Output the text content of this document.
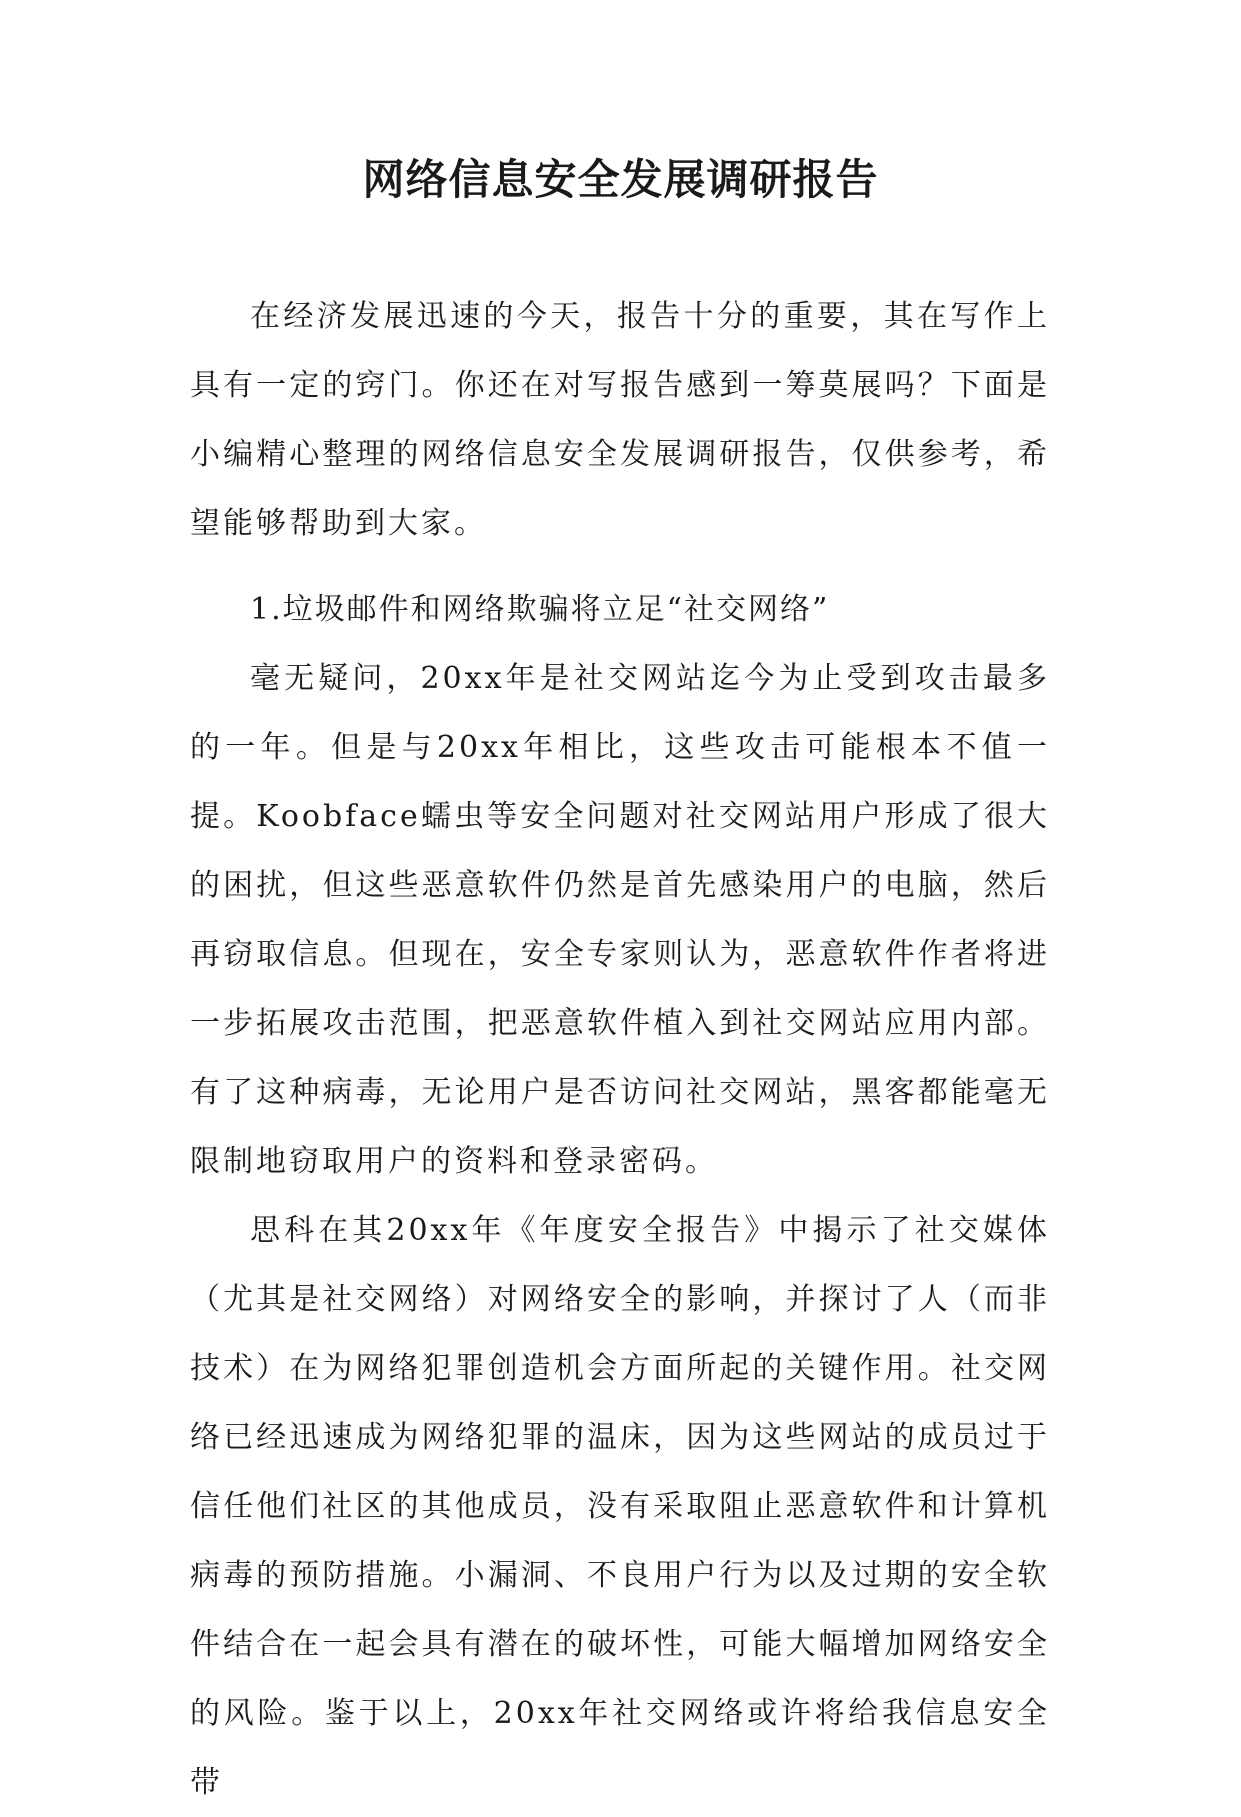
网络信息安全发展调研报告

在经济发展迅速的今天，报告十分的重要，其在写作上具有一定的窍门。你还在对写报告感到一筹莫展吗？下面是小编精心整理的网络信息安全发展调研报告，仅供参考，希望能够帮助到大家。

1.垃圾邮件和网络欺骗将立足“社交网络”

毫无疑问，20xx年是社交网站迄今为止受到攻击最多的一年。但是与20xx年相比，这些攻击可能根本不值一提。Koobface蠕虫等安全问题对社交网站用户形成了很大的困扰，但这些恶意软件仍然是首先感染用户的电脑，然后再窃取信息。但现在，安全专家则认为，恶意软件作者将进一步拓展攻击范围，把恶意软件植入到社交网站应用内部。有了这种病毒，无论用户是否访问社交网站，黑客都能毫无限制地窃取用户的资料和登录密码。

思科在其20xx年《年度安全报告》中揭示了社交媒体（尤其是社交网络）对网络安全的影响，并探讨了人（而非技术）在为网络犯罪创造机会方面所起的关键作用。社交网络已经迅速成为网络犯罪的温床，因为这些网站的成员过于信任他们社区的其他成员，没有采取阻止恶意软件和计算机病毒的预防措施。小漏洞、不良用户行为以及过期的安全软件结合在一起会具有潜在的破坏性，可能大幅增加网络安全的风险。鉴于以上，20xx年社交网络或许将给我信息安全带
